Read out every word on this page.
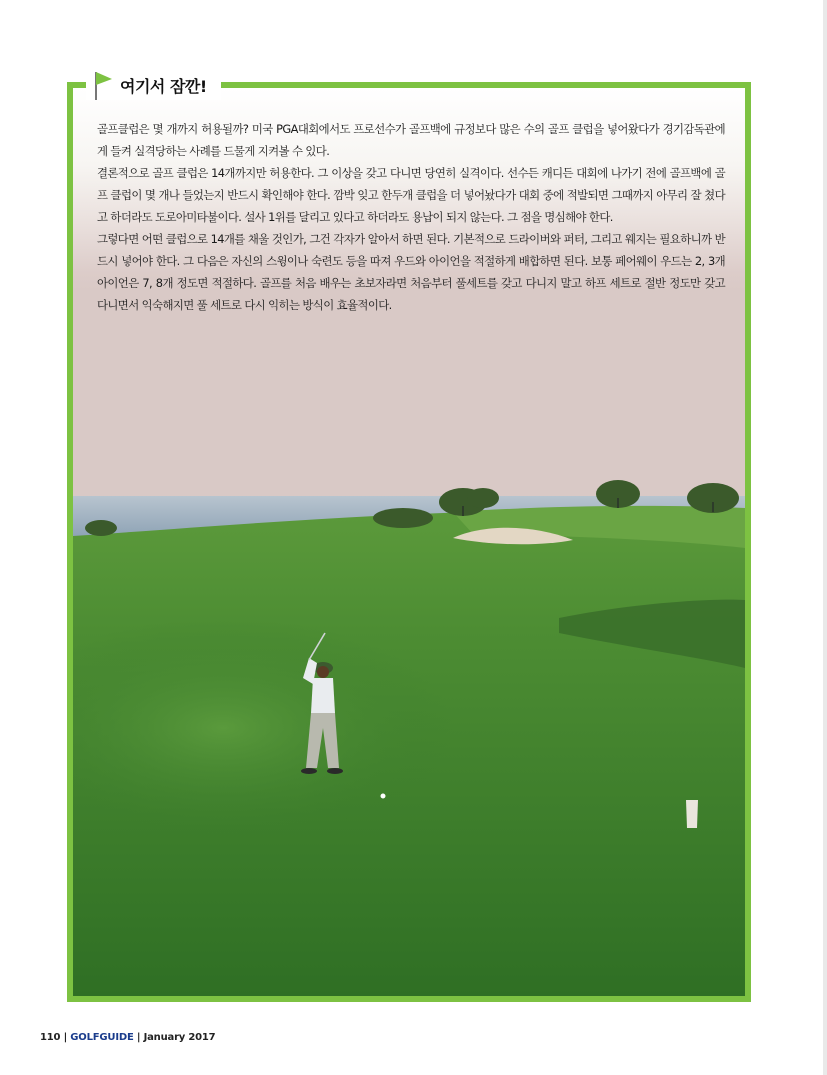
여기서 잠깐!

골프클럽은 몇 개까지 허용될까? 미국 PGA대회에서도 프로선수가 골프백에 규정보다 많은 수의 골프 클럽을 넣어왔다가 경기감독관에게 들켜 실격당하는 사례를 드물게 지켜볼 수 있다.

결론적으로 골프 클럽은 14개까지만 허용한다. 그 이상을 갖고 다니면 당연히 실격이다. 선수든 캐디든 대회에 나가기 전에 골프백에 골프 클럽이 몇 개나 들었는지 반드시 확인해야 한다. 깜박 잊고 한두개 클럽을 더 넣어놨다가 대회 중에 적발되면 그때까지 아무리 잘 쳤다고 하더라도 도로아미타불이다. 설사 1위를 달리고 있다고 하더라도 용납이 되지 않는다. 그 점을 명심해야 한다.

그렇다면 어떤 클럽으로 14개를 채울 것인가, 그건 각자가 알아서 하면 된다. 기본적으로 드라이버와 퍼터, 그리고 웨지는 필요하니까 반드시 넣어야 한다. 그 다음은 자신의 스윙이나 숙련도 등을 따져 우드와 아이언을 적절하게 배합하면 된다. 보통 페어웨이 우드는 2, 3개 아이언은 7, 8개 정도면 적절하다. 골프를 처음 배우는 초보자라면 처음부터 풀세트를 갖고 다니지 말고 하프 세트로 절반 정도만 갖고 다니면서 익숙해지면 풀 세트로 다시 익히는 방식이 효율적이다.

110 | GOLFGUIDE | January 2017
